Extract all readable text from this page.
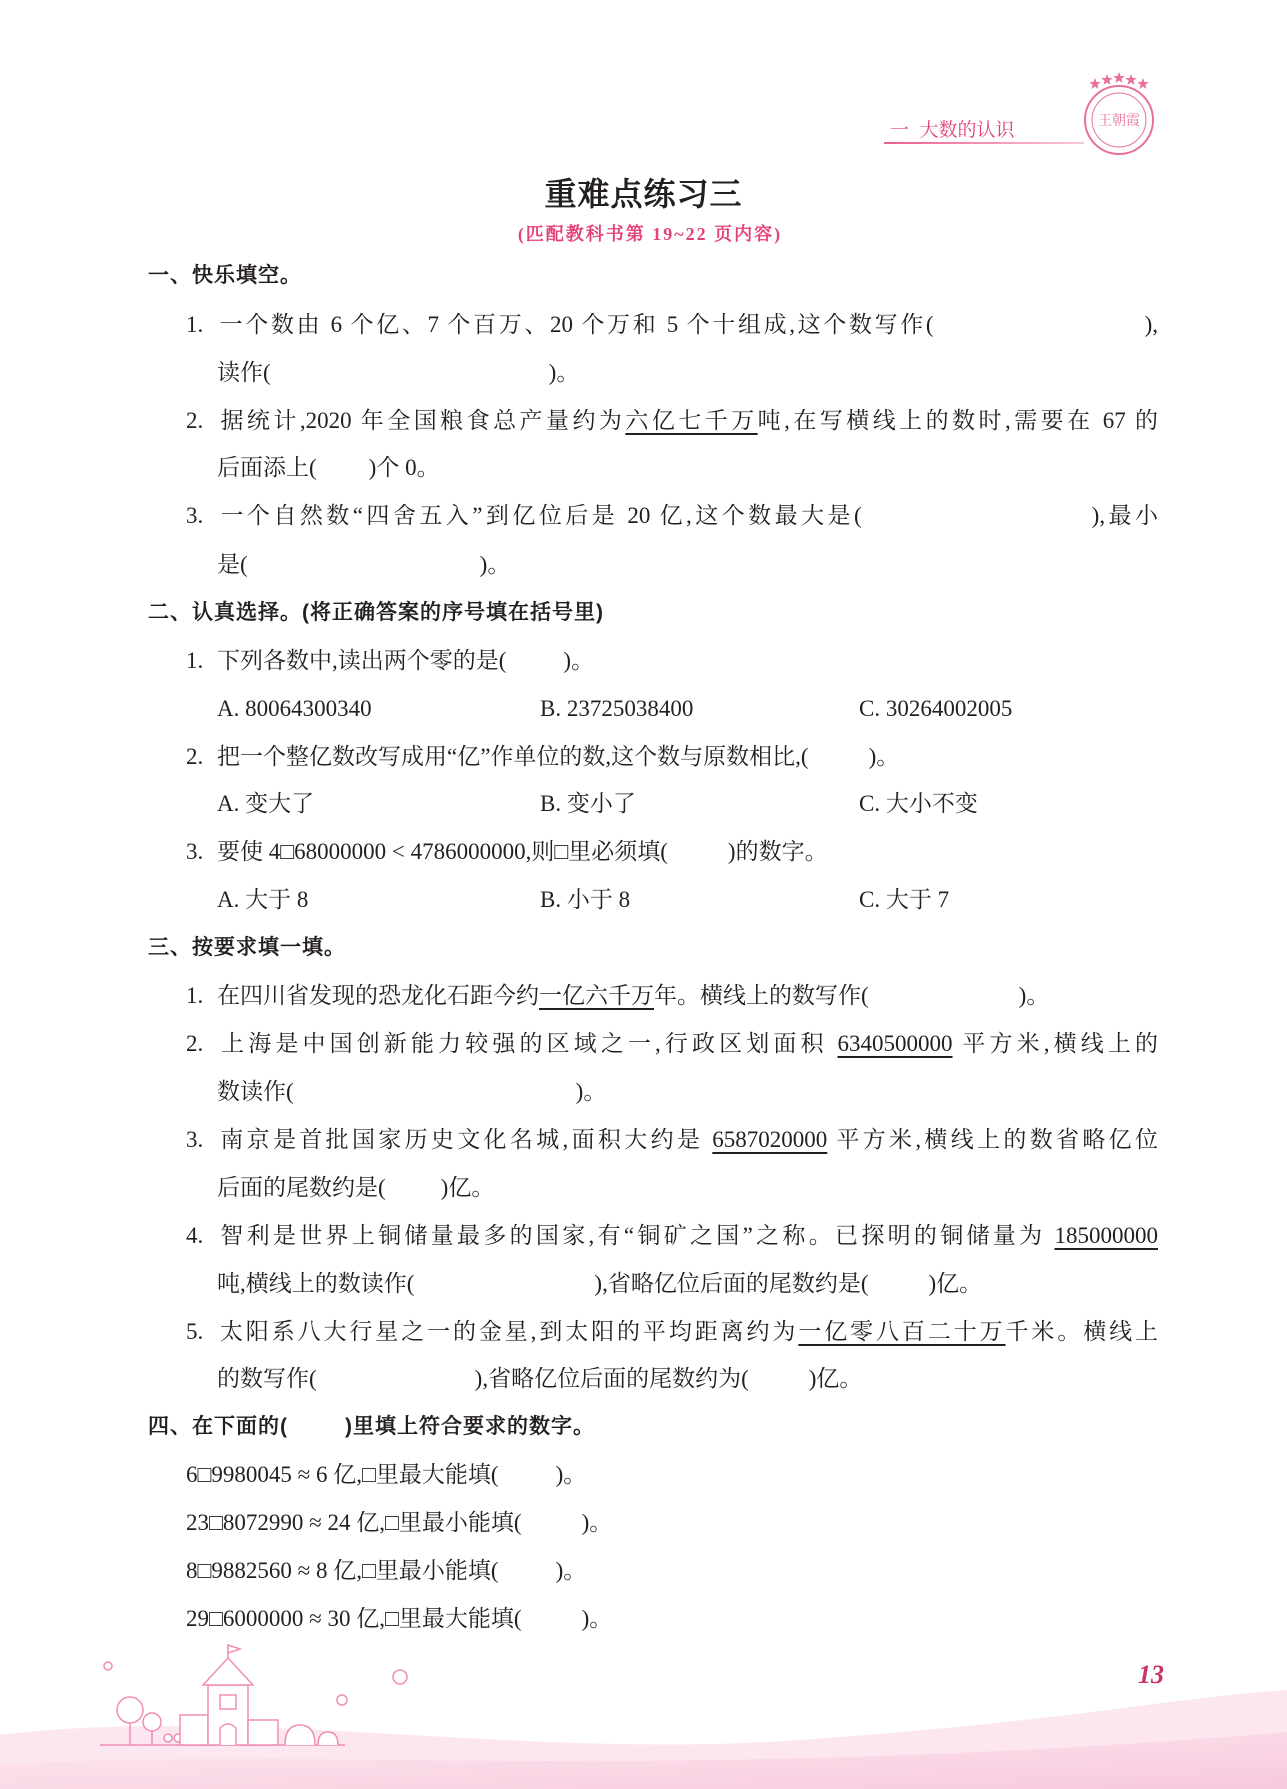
一  大数的认识	王朝霞
重难点练习三
(匹配教科书第 19~22 页内容)
一、快乐填空。
1. 一个数由 6 个亿、7 个百万、20 个万和 5 个十组成,这个数写作(	),
读作(	)。
2. 据统计,2020 年全国粮食总产量约为六亿七千万吨,在写横线上的数时,需要在 67 的
后面添上( )个 0。
3. 一个自然数“四舍五入”到亿位后是 20 亿,这个数最大是(	),最小
是(	)。
二、认真选择。(将正确答案的序号填在括号里)
1. 下列各数中,读出两个零的是( )。
A. 80064300340	B. 23725038400	C. 30264002005
2. 把一个整亿数改写成用“亿”作单位的数,这个数与原数相比,(	)。
A. 变大了	B. 变小了	C. 大小不变
3. 要使 4□68000000 < 4786000000,则□里必须填(	)的数字。
A. 大于 8	B. 小于 8	C. 大于 7
三、按要求填一填。
1. 在四川省发现的恐龙化石距今约一亿六千万年。横线上的数写作(	)。
2. 上海是中国创新能力较强的区域之一,行政区划面积 6340500000 平方米,横线上的
数读作(	)。
3. 南京是首批国家历史文化名城,面积大约是 6587020000 平方米,横线上的数省略亿位
后面的尾数约是( )亿。
4. 智利是世界上铜储量最多的国家,有“铜矿之国”之称。已探明的铜储量为 185000000
吨,横线上的数读作(	),省略亿位后面的尾数约是(	)亿。
5. 太阳系八大行星之一的金星,到太阳的平均距离约为一亿零八百二十万千米。横线上
的数写作(	),省略亿位后面的尾数约为(	)亿。
四、在下面的(	)里填上符合要求的数字。
6□9980045 ≈ 6 亿,□里最大能填( )。
23□8072990 ≈ 24 亿,□里最小能填(	)。
8□9882560 ≈ 8 亿,□里最小能填( )。
29□6000000 ≈ 30 亿,□里最大能填(	)。
13
